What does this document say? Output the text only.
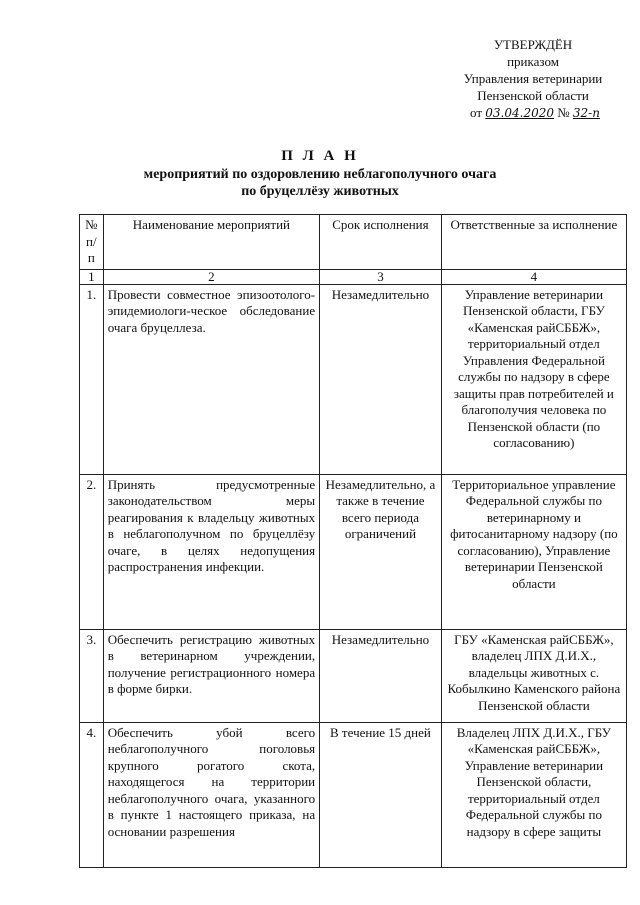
УТВЕРЖДЁН
приказом
Управления ветеринарии
Пензенской области
от 03.04.2020 № 32-п
П Л А Н
мероприятий по оздоровлению неблагополучного очага
по бруцеллёзу животных
№ п/п	Наименование мероприятий	Срок исполнения	Ответственные за исполнение
1	2	3	4
1.	Провести совместное эпизоотолого-эпидемиологи-ческое обследование очага бруцеллеза.	Незамедлительно	Управление ветеринарии Пензенской области, ГБУ «Каменская райСББЖ», территориальный отдел Управления Федеральной службы по надзору в сфере защиты прав потребителей и благополучия человека по Пензенской области (по согласованию)
2.	Принять предусмотренные законодательством меры реагирования к владельцу животных в неблагополучном по бруцеллёзу очаге, в целях недопущения распространения инфекции.	Незамедлительно, а также в течение всего периода ограничений	Территориальное управление Федеральной службы по ветеринарному и фитосанитарному надзору (по согласованию), Управление ветеринарии Пензенской области
3.	Обеспечить регистрацию животных в ветеринарном учреждении, получение регистрационного номера в форме бирки.	Незамедлительно	ГБУ «Каменская райСББЖ», владелец ЛПХ Д.И.Х., владельцы животных с. Кобылкино Каменского района Пензенской области
4.	Обеспечить убой всего неблагополучного поголовья крупного рогатого скота, находящегося на территории неблагополучного очага, указанного в пункте 1 настоящего приказа, на основании разрешения	В течение 15 дней	Владелец ЛПХ Д.И.Х., ГБУ «Каменская райСББЖ», Управление ветеринарии Пензенской области, территориальный отдел Федеральной службы по надзору в сфере защиты
